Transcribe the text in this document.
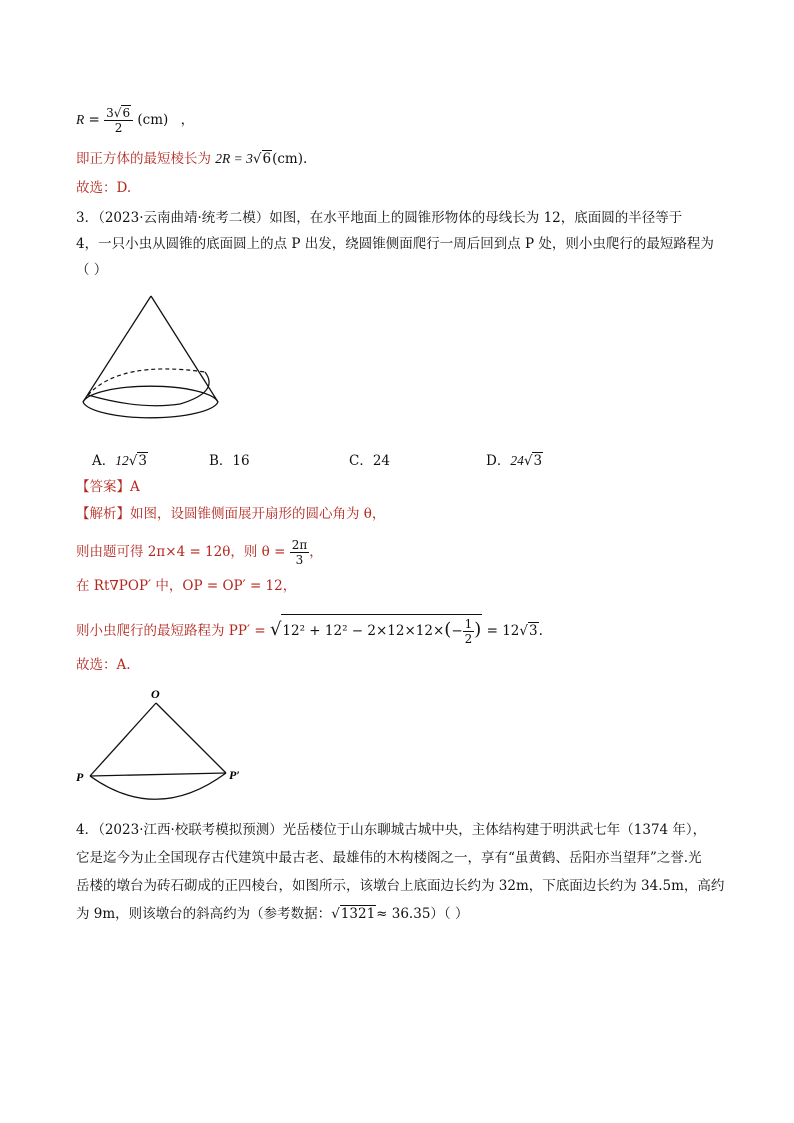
$R = \frac{3√6}{2} (cm)$ ，
即正方体的最短棱长为 2R = 3√6(cm).
故选：D.
3．（2023·云南曲靖·统考二模）如图，在水平地面上的圆锥形物体的母线长为 12，底面圆的半径等于
4，一只小虫从圆锥的底面圆上的点 P 出发，绕圆锥侧面爬行一周后回到点 P 处，则小虫爬行的最短路程为
（ ）
A．12√3	B．16	C．24	D．24√3
【答案】A
【解析】如图，设圆锥侧面展开扇形的圆心角为 θ，
则由题可得 2π×4 = 12θ，则 $\theta = \frac{2\pi}{3}$ ，
在 Rt∇POP′ 中，OP = OP′ = 12，
则小虫爬行的最短路程为 $PP' = √12^2 + 12^2 - 2\times 12\times 12\times(- \frac{1}{2}$ ) = 12√3.
故选：A.
O
P	P′
4．（2023·江西·校联考模拟预测）光岳楼位于山东聊城古城中央，主体结构建于明洪武七年（1374 年），
它是迄今为止全国现存古代建筑中最古老、最雄伟的木构楼阁之一，享有“虽黄鹤、岳阳亦当望拜”之誉.光
岳楼的墩台为砖石砌成的正四棱台，如图所示，该墩台上底面边长约为 32m，下底面边长约为 34.5m，高约
为 9m，则该墩台的斜高约为（参考数据：√1321≈ 36.35）（ ）
